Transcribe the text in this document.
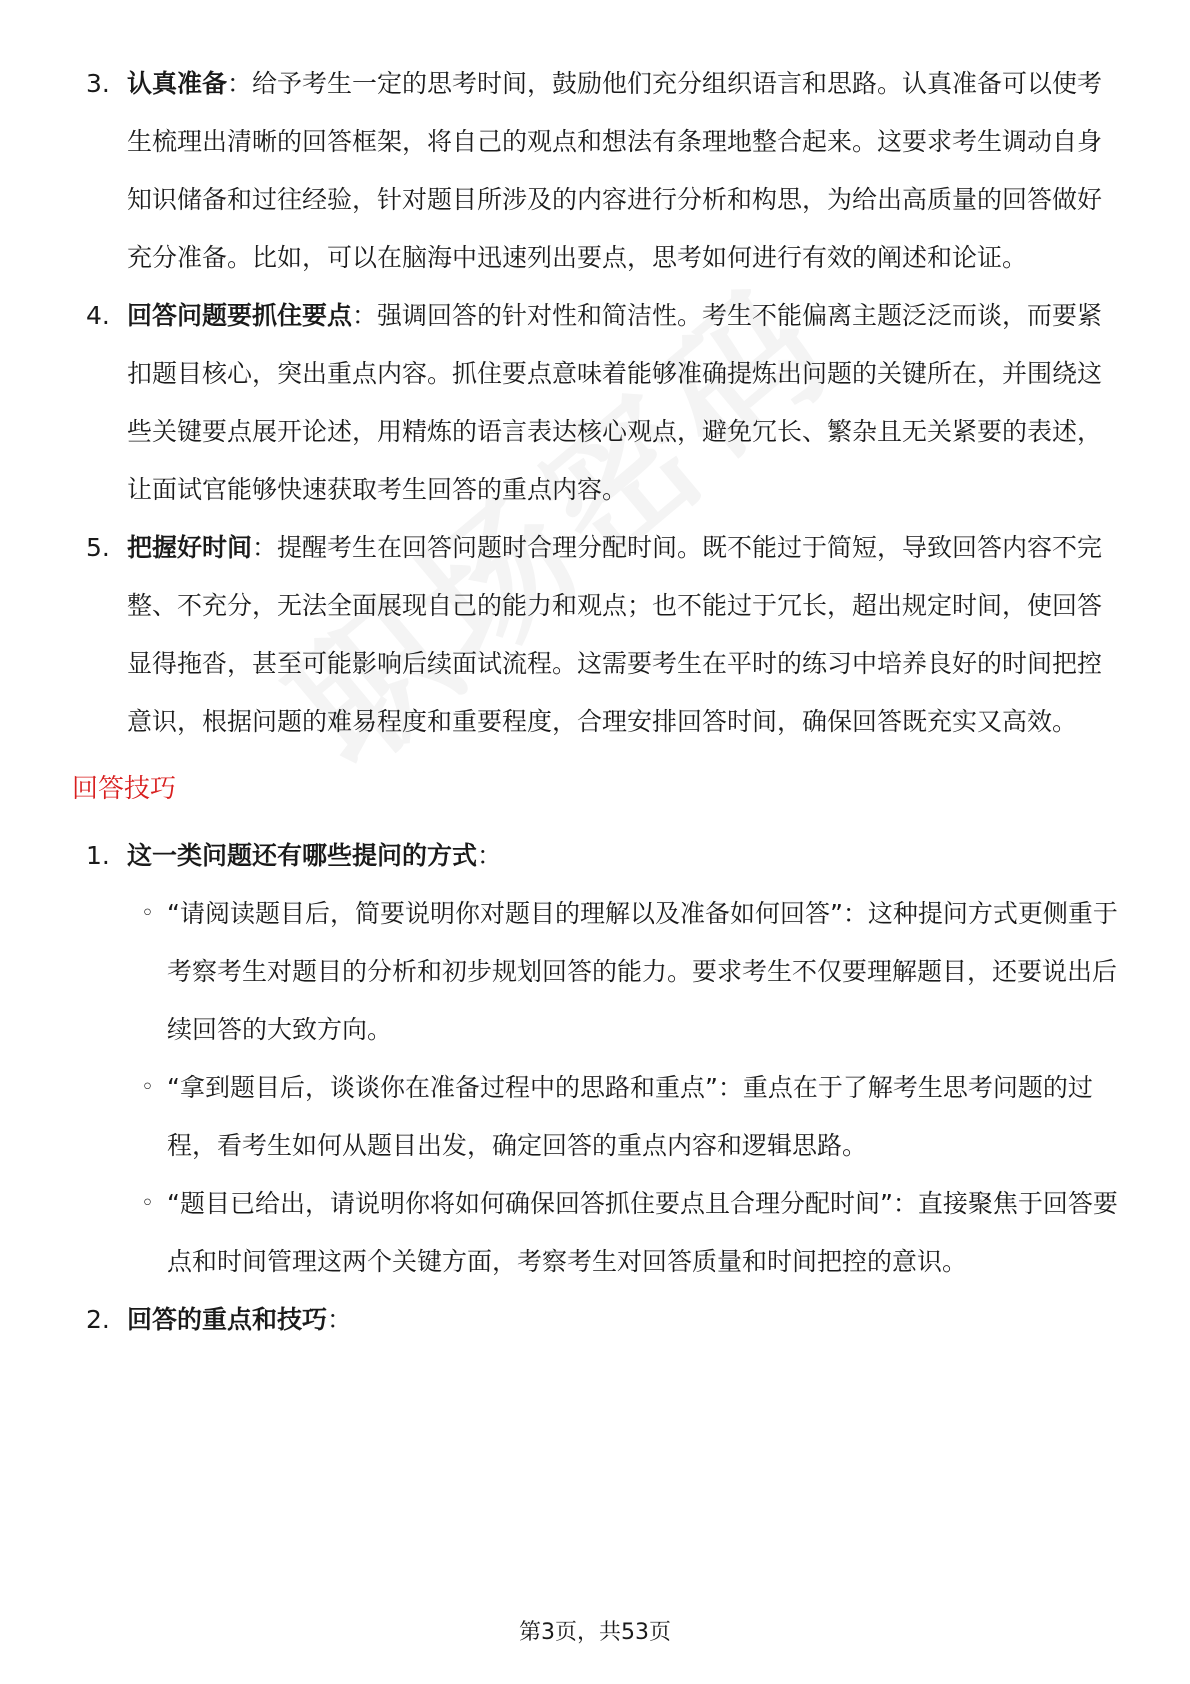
3. 认真准备：给予考生一定的思考时间，鼓励他们充分组织语言和思路。认真准备可以使考生梳理出清晰的回答框架，将自己的观点和想法有条理地整合起来。这要求考生调动自身知识储备和过往经验，针对题目所涉及的内容进行分析和构思，为给出高质量的回答做好充分准备。比如，可以在脑海中迅速列出要点，思考如何进行有效的阐述和论证。
4. 回答问题要抓住要点：强调回答的针对性和简洁性。考生不能偏离主题泛泛而谈，而要紧扣题目核心，突出重点内容。抓住要点意味着能够准确提炼出问题的关键所在，并围绕这些关键要点展开论述，用精炼的语言表达核心观点，避免冗长、繁杂且无关紧要的表述，让面试官能够快速获取考生回答的重点内容。
5. 把握好时间：提醒考生在回答问题时合理分配时间。既不能过于简短，导致回答内容不完整、不充分，无法全面展现自己的能力和观点；也不能过于冗长，超出规定时间，使回答显得拖沓，甚至可能影响后续面试流程。这需要考生在平时的练习中培养良好的时间把控意识，根据问题的难易程度和重要程度，合理安排回答时间，确保回答既充实又高效。
回答技巧
1. 这一类问题还有哪些提问的方式：
◦ “请阅读题目后，简要说明你对题目的理解以及准备如何回答”：这种提问方式更侧重于考察考生对题目的分析和初步规划回答的能力。要求考生不仅要理解题目，还要说出后续回答的大致方向。
◦ “拿到题目后，谈谈你在准备过程中的思路和重点”：重点在于了解考生思考问题的过程，看考生如何从题目出发，确定回答的重点内容和逻辑思路。
◦ “题目已给出，请说明你将如何确保回答抓住要点且合理分配时间”：直接聚焦于回答要点和时间管理这两个关键方面，考察考生对回答质量和时间把控的意识。
2. 回答的重点和技巧：
第3页，共53页
